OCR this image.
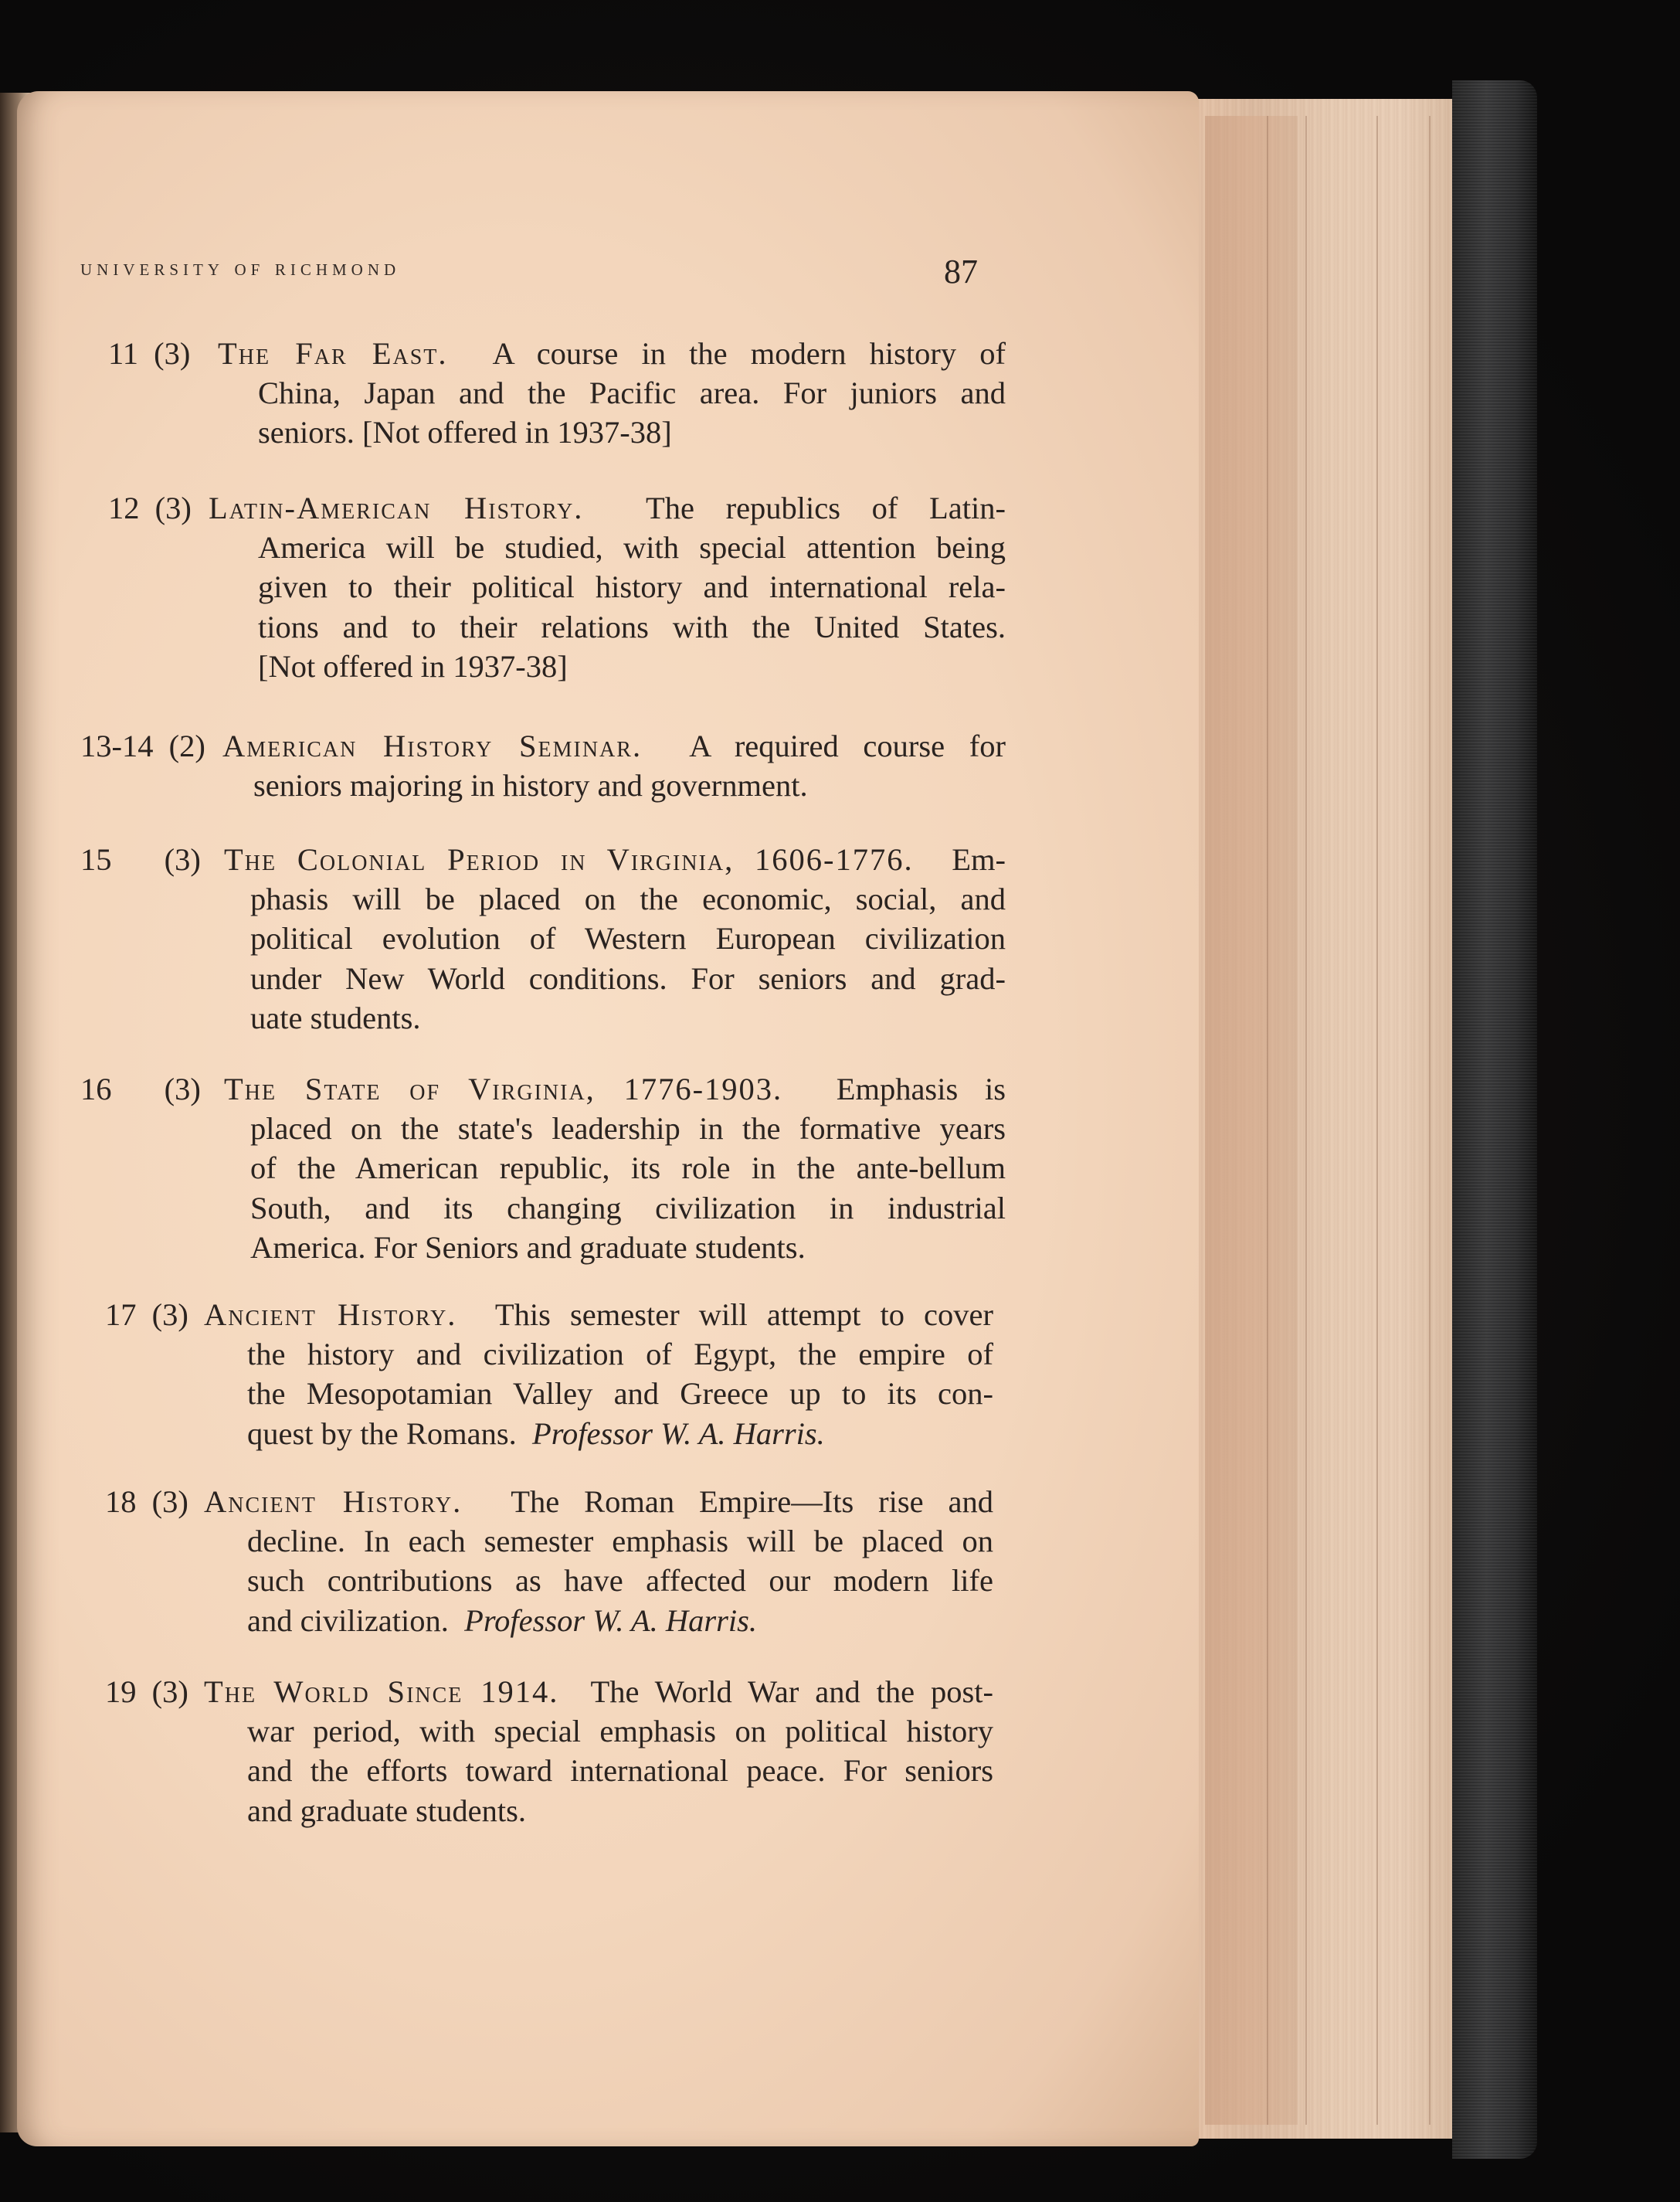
university of richmond	87
11 (3) The Far East. A course in the modern history of
China, Japan and the Pacific area. For juniors and
seniors. [Not offered in 1937-38]
12 (3) Latin-American History. The republics of Latin-
America will be studied, with special attention being
given to their political history and international rela-
tions and to their relations with the United States.
[Not offered in 1937-38]
13-14 (2) American History Seminar. A required course for
seniors majoring in history and government.
15 (3) The Colonial Period in Virginia, 1606-1776. Em-
phasis will be placed on the economic, social, and
political evolution of Western European civilization
under New World conditions. For seniors and grad-
uate students.
16 (3) The State of Virginia, 1776-1903. Emphasis is
placed on the state's leadership in the formative years
of the American republic, its role in the ante-bellum
South, and its changing civilization in industrial
America. For Seniors and graduate students.
17 (3) Ancient History. This semester will attempt to cover
the history and civilization of Egypt, the empire of
the Mesopotamian Valley and Greece up to its con-
quest by the Romans. Professor W. A. Harris.
18 (3) Ancient History. The Roman Empire—Its rise and
decline. In each semester emphasis will be placed on
such contributions as have affected our modern life
and civilization. Professor W. A. Harris.
19 (3) The World Since 1914. The World War and the post-
war period, with special emphasis on political history
and the efforts toward international peace. For seniors
and graduate students.
